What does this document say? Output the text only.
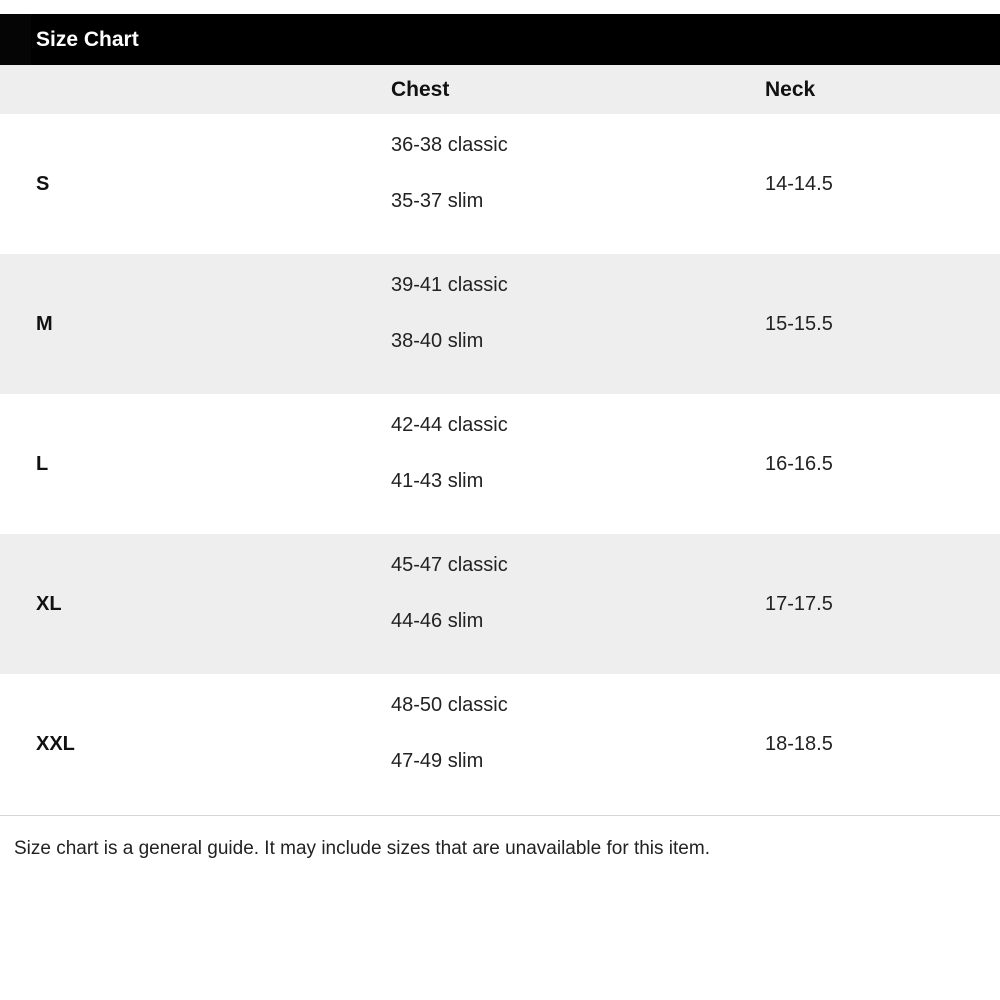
Size Chart
Chest	Neck
S
36-38 classic
35-37 slim
14-14.5
M
39-41 classic
38-40 slim
15-15.5
L
42-44 classic
41-43 slim
16-16.5
XL
45-47 classic
44-46 slim
17-17.5
XXL
48-50 classic
47-49 slim
18-18.5
Size chart is a general guide. It may include sizes that are unavailable for this item.
